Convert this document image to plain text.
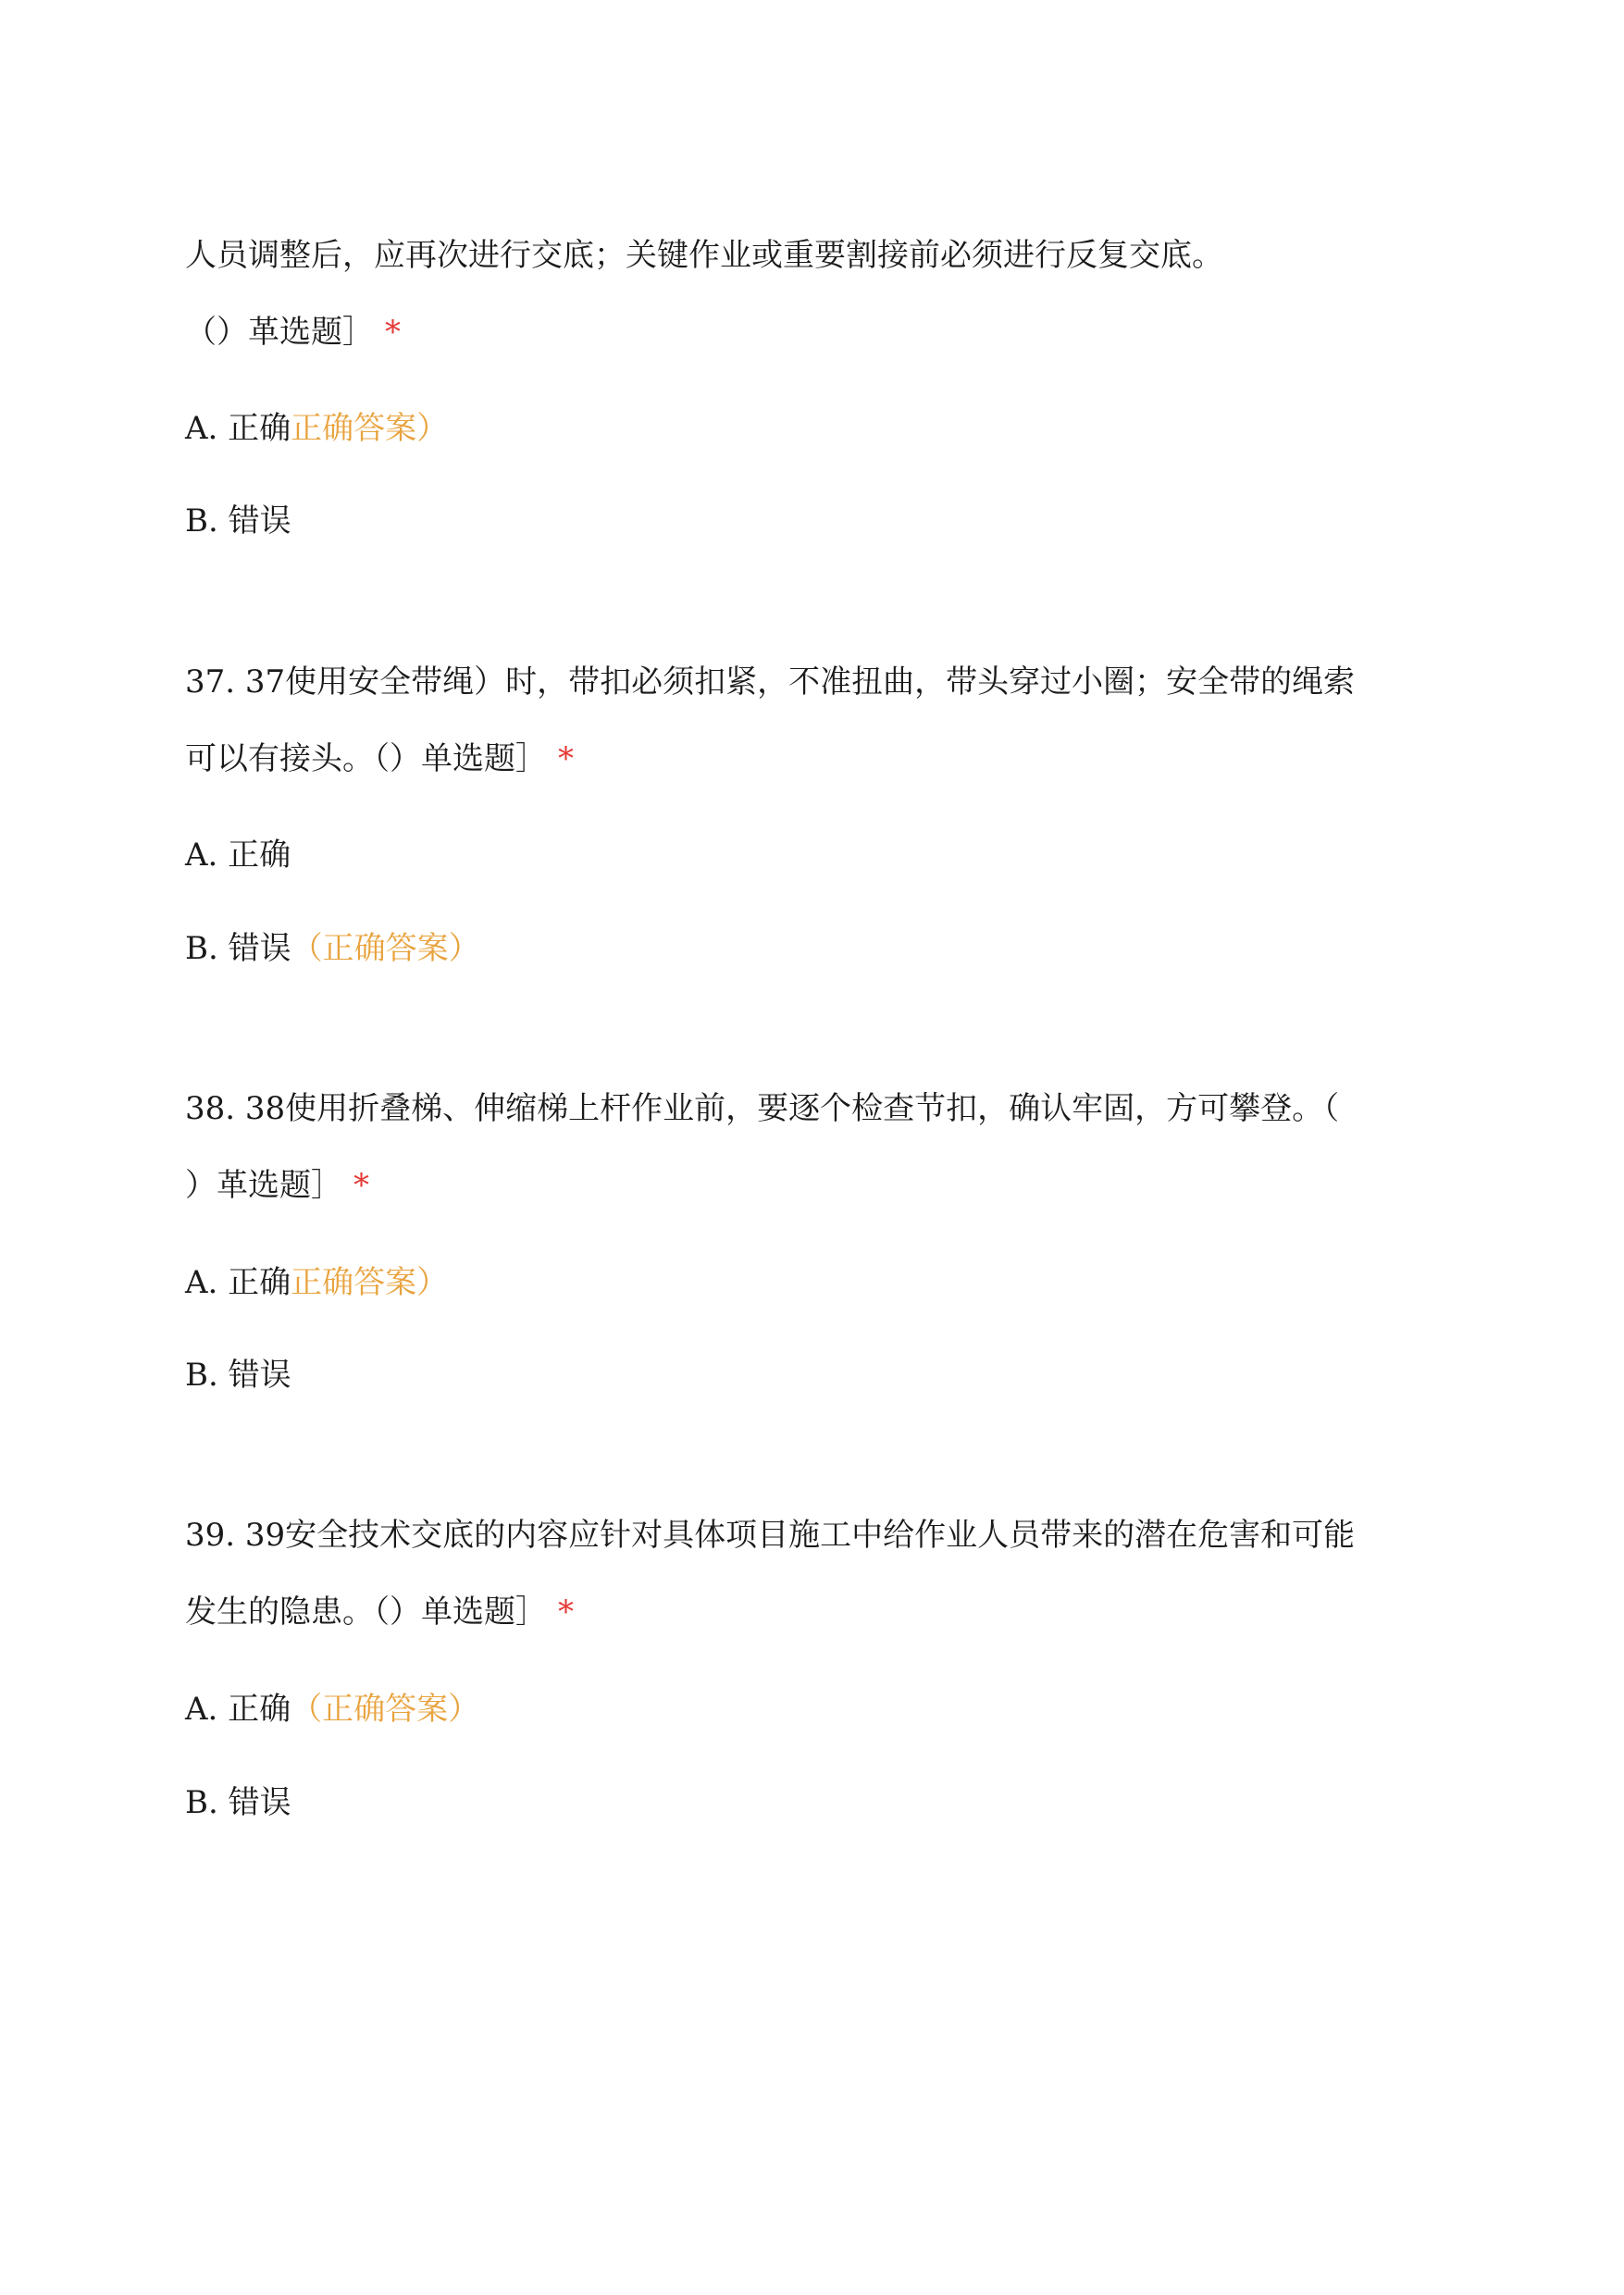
人员调整后，应再次进行交底；关键作业或重要割接前必须进行反复交底。
（）革选题］ *
A. 正确正确答案）
B. 错误
37. 37使用安全带绳）时，带扣必须扣紧，不准扭曲，带头穿过小圈；安全带的绳索
可以有接头。（）单选题］ *
A. 正确
B. 错误（正确答案）
38. 38使用折叠梯、伸缩梯上杆作业前，要逐个检查节扣，确认牢固，方可攀登。（
）革选题］ *
A. 正确正确答案）
B. 错误
39. 39安全技术交底的内容应针对具体项目施工中给作业人员带来的潜在危害和可能
发生的隐患。（）单选题］ *
A. 正确（正确答案）
B. 错误
